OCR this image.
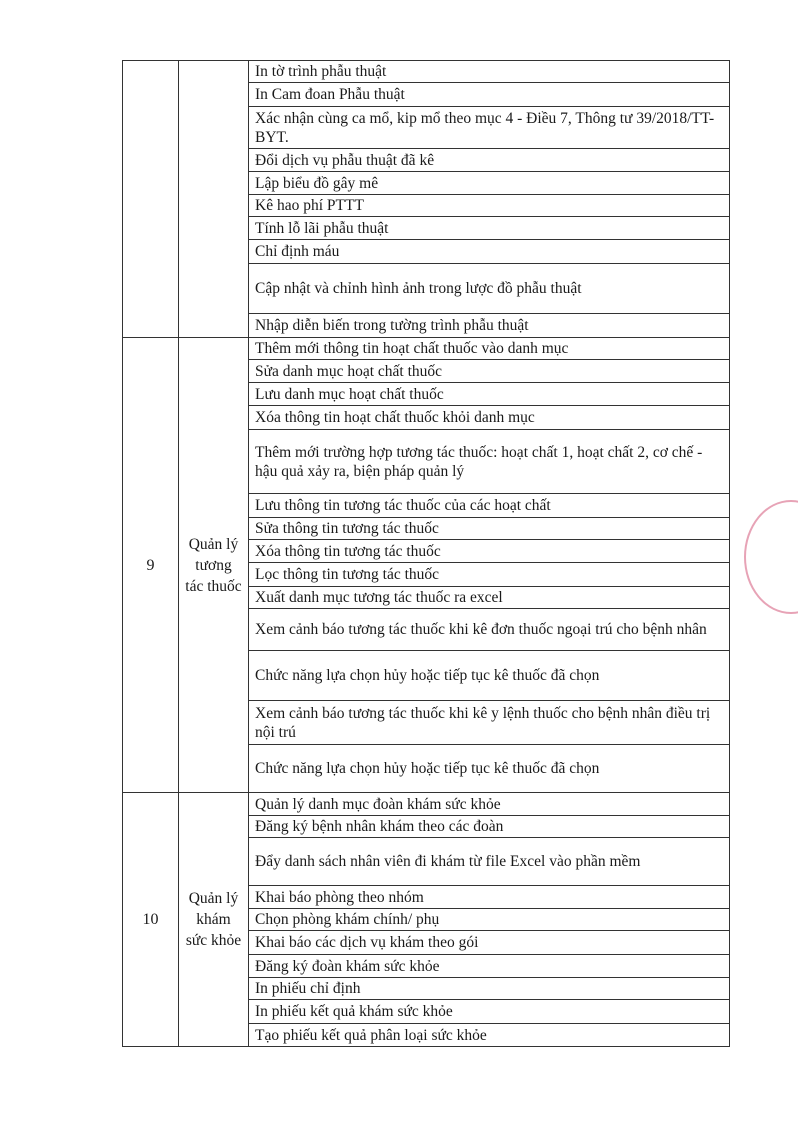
		In tờ trình phẫu thuật
		In Cam đoan Phẫu thuật
		Xác nhận cùng ca mổ, kip mổ theo mục 4 - Điều 7, Thông tư 39/2018/TT-BYT.
		Đổi dịch vụ phẫu thuật đã kê
		Lập biểu đồ gây mê
		Kê hao phí PTTT
		Tính lỗ lãi phẫu thuật
		Chỉ định máu
		Cập nhật và chỉnh hình ảnh trong lược đồ phẫu thuật
		Nhập diễn biến trong tường trình phẫu thuật
9	Quản lý tương tác thuốc	Thêm mới thông tin hoạt chất thuốc vào danh mục
		Sửa danh mục hoạt chất thuốc
		Lưu danh mục hoạt chất thuốc
		Xóa thông tin hoạt chất thuốc khỏi danh mục
		Thêm mới trường hợp tương tác thuốc: hoạt chất 1, hoạt chất 2, cơ chế - hậu quả xảy ra, biện pháp quản lý
		Lưu thông tin tương tác thuốc của các hoạt chất
		Sửa thông tin tương tác thuốc
		Xóa thông tin tương tác thuốc
		Lọc thông tin tương tác thuốc
		Xuất danh mục tương tác thuốc ra excel
		Xem cảnh báo tương tác thuốc khi kê đơn thuốc ngoại trú cho bệnh nhân
		Chức năng lựa chọn hủy hoặc tiếp tục kê thuốc đã chọn
		Xem cảnh báo tương tác thuốc khi kê y lệnh thuốc cho bệnh nhân điều trị nội trú
		Chức năng lựa chọn hủy hoặc tiếp tục kê thuốc đã chọn
10	Quản lý khám sức khỏe	Quản lý danh mục đoàn khám sức khỏe
		Đăng ký bệnh nhân khám theo các đoàn
		Đẩy danh sách nhân viên đi khám từ file Excel vào phần mềm
		Khai báo phòng theo nhóm
		Chọn phòng khám chính/ phụ
		Khai báo các dịch vụ khám theo gói
		Đăng ký đoàn khám sức khỏe
		In phiếu chỉ định
		In phiếu kết quả khám sức khỏe
		Tạo phiếu kết quả phân loại sức khỏe
